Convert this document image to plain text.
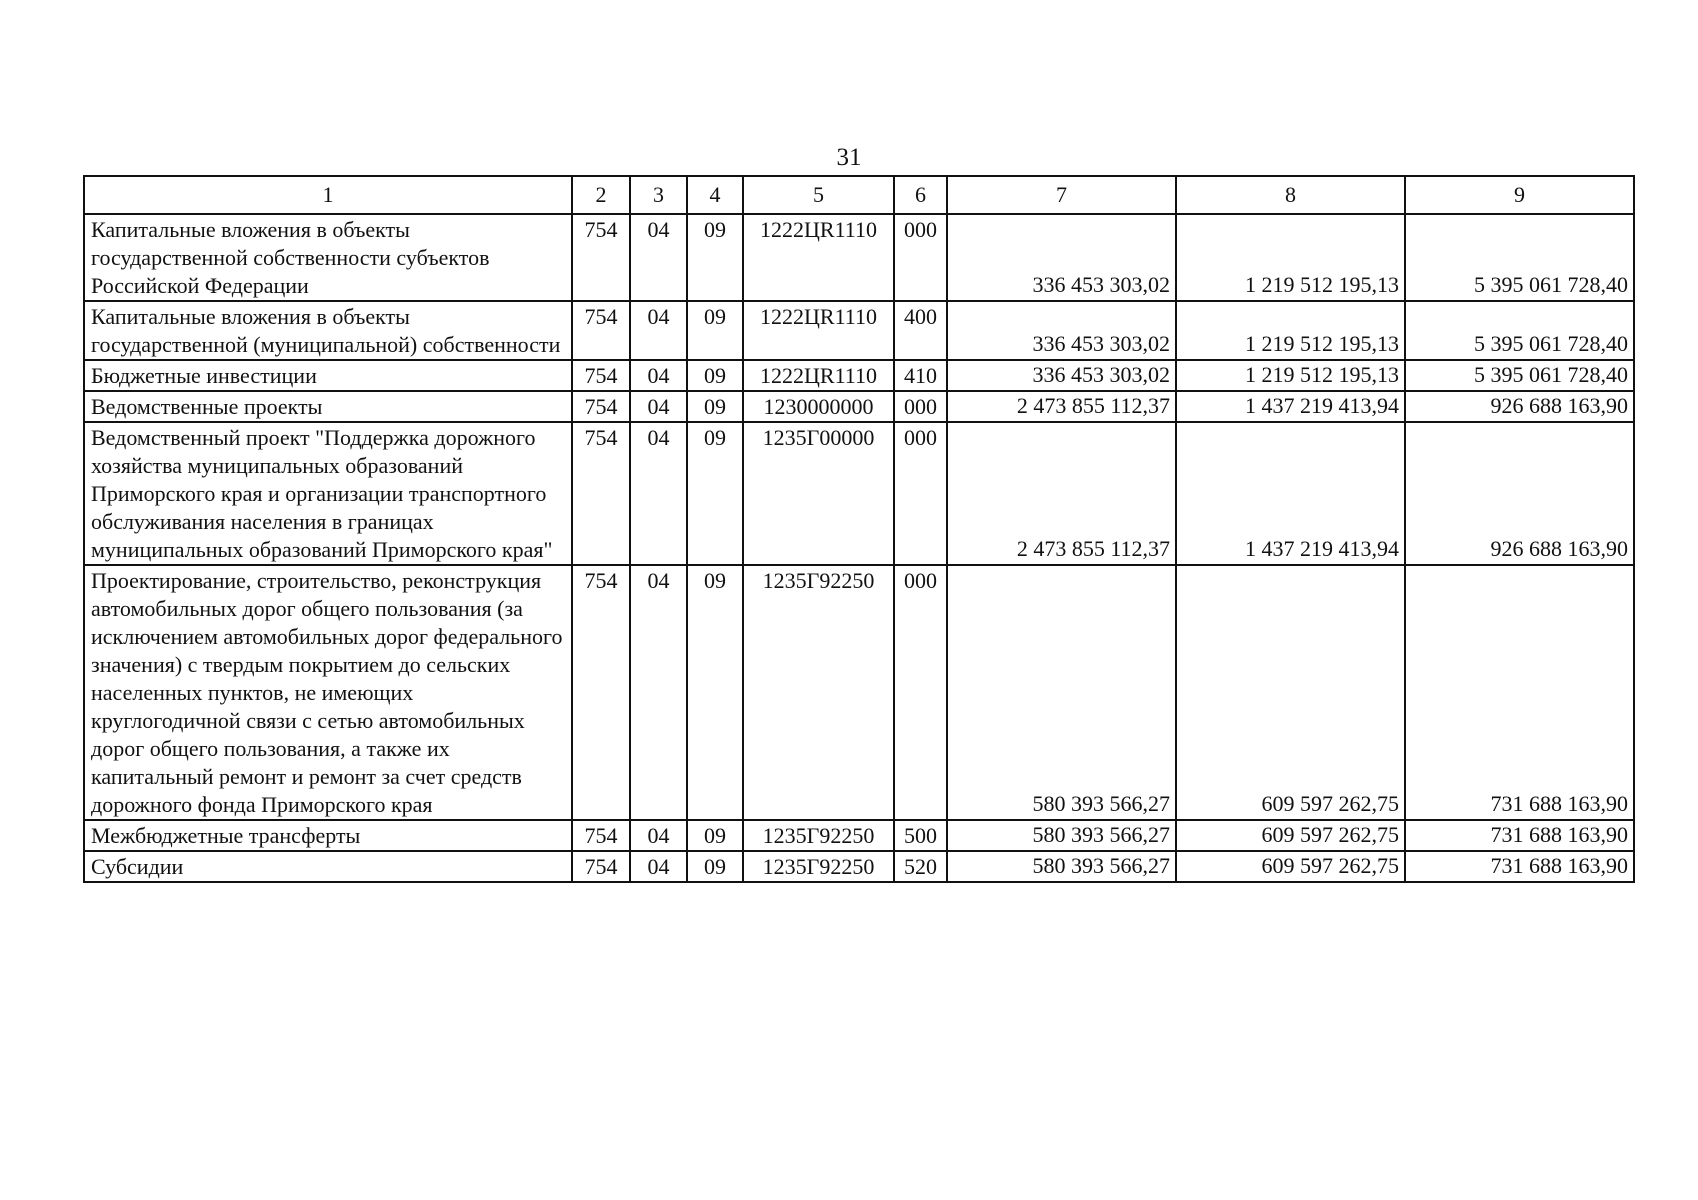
31
1	2	3	4	5	6	7	8	9
Капитальные вложения в объекты государственной собственности субъектов Российской Федерации	754	04	09	1222ЦR1110	000	336 453 303,02	1 219 512 195,13	5 395 061 728,40
Капитальные вложения в объекты государственной (муниципальной) собственности	754	04	09	1222ЦR1110	400	336 453 303,02	1 219 512 195,13	5 395 061 728,40
Бюджетные инвестиции	754	04	09	1222ЦR1110	410	336 453 303,02	1 219 512 195,13	5 395 061 728,40
Ведомственные проекты	754	04	09	1230000000	000	2 473 855 112,37	1 437 219 413,94	926 688 163,90
Ведомственный проект "Поддержка дорожного хозяйства муниципальных образований Приморского края и организации транспортного обслуживания населения в границах муниципальных образований Приморского края"	754	04	09	1235Г00000	000	2 473 855 112,37	1 437 219 413,94	926 688 163,90
Проектирование, строительство, реконструкция автомобильных дорог общего пользования (за исключением автомобильных дорог федерального значения) с твердым покрытием до сельских населенных пунктов, не имеющих круглогодичной связи с сетью автомобильных дорог общего пользования, а также их капитальный ремонт и ремонт за счет средств дорожного фонда Приморского края	754	04	09	1235Г92250	000	580 393 566,27	609 597 262,75	731 688 163,90
Межбюджетные трансферты	754	04	09	1235Г92250	500	580 393 566,27	609 597 262,75	731 688 163,90
Субсидии	754	04	09	1235Г92250	520	580 393 566,27	609 597 262,75	731 688 163,90
